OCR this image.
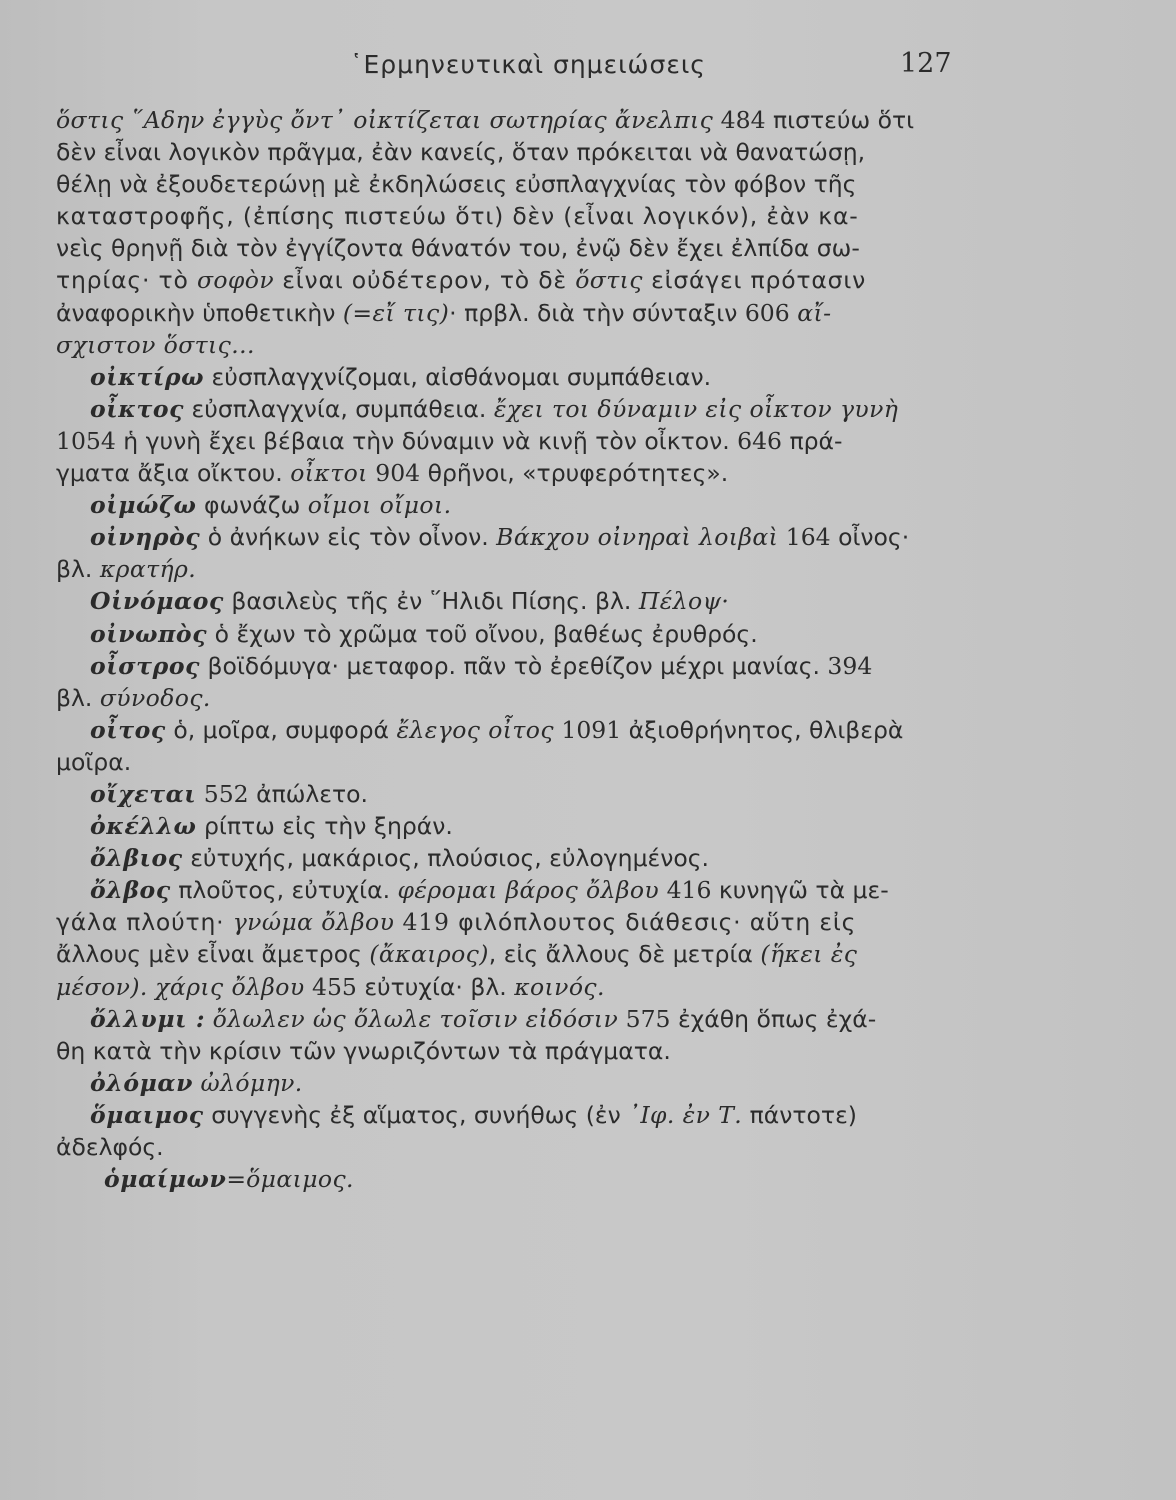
῾Ερμηνευτικαὶ σημειώσεις	127
ὅστις ῞Αδην ἐγγὺς ὄντ᾽ οἰκτίζεται σωτηρίας ἄνελπις 484 πιστεύω ὅτι
δὲν εἶναι λογικὸν πρᾶγμα, ἐὰν κανείς, ὅταν πρόκειται νὰ θανατώσῃ,
θέλῃ νὰ ἐξουδετερώνῃ μὲ ἐκδηλώσεις εὐσπλαγχνίας τὸν φόβον τῆς
καταστροφῆς, (ἐπίσης πιστεύω ὅτι) δὲν (εἶναι λογικόν), ἐὰν κα-
νεὶς θρηνῇ διὰ τὸν ἐγγίζοντα θάνατόν του, ἐνῷ δὲν ἔχει ἐλπίδα σω-
τηρίας· τὸ σοφὸν εἶναι οὐδέτερον, τὸ δὲ ὅστις εἰσάγει πρότασιν
ἀναφορικὴν ὑποθετικὴν (=εἴ τις)· πρβλ. διὰ τὴν σύνταξιν 606 αἴ-
σχιστον ὅστις...
οἰκτίρω εὐσπλαγχνίζομαι, αἰσθάνομαι συμπάθειαν.
οἶκτος εὐσπλαγχνία, συμπάθεια. ἔχει τοι δύναμιν εἰς οἶκτον γυνὴ
1054 ἡ γυνὴ ἔχει βέβαια τὴν δύναμιν νὰ κινῇ τὸν οἶκτον. 646 πρά-
γματα ἄξια οἴκτου. οἶκτοι 904 θρῆνοι, «τρυφερότητες».
οἰμώζω φωνάζω οἴμοι οἴμοι.
οἰνηρὸς ὁ ἀνήκων εἰς τὸν οἶνον. Βάκχου οἰνηραὶ λοιβαὶ 164 οἶνος·
βλ. κρατήρ.
Οἰνόμαος βασιλεὺς τῆς ἐν ῞Ηλιδι Πίσης. βλ. Πέλοψ·
οἰνωπὸς ὁ ἔχων τὸ χρῶμα τοῦ οἴνου, βαθέως ἐρυθρός.
οἶστρος βοϊδόμυγα· μεταφορ. πᾶν τὸ ἐρεθίζον μέχρι μανίας. 394
βλ. σύνοδος.
οἶτος ὁ, μοῖρα, συμφορά ἔλεγος οἶτος 1091 ἀξιοθρήνητος, θλιβερὰ
μοῖρα.
οἴχεται 552 ἀπώλετο.
ὀκέλλω ρίπτω εἰς τὴν ξηράν.
ὄλβιος εὐτυχής, μακάριος, πλούσιος, εὐλογημένος.
ὄλβος πλοῦτος, εὐτυχία. φέρομαι βάρος ὄλβου 416 κυνηγῶ τὰ με-
γάλα πλούτη· γνώμα ὄλβου 419 φιλόπλουτος διάθεσις· αὕτη εἰς
ἄλλους μὲν εἶναι ἄμετρος (ἄκαιρος), εἰς ἄλλους δὲ μετρία (ἥκει ἐς
μέσον). χάρις ὄλβου 455 εὐτυχία· βλ. κοινός.
ὄλλυμι : ὄλωλεν ὡς ὄλωλε τοῖσιν εἰδόσιν 575 ἐχάθη ὅπως ἐχά-
θη κατὰ τὴν κρίσιν τῶν γνωριζόντων τὰ πράγματα.
ὀλόμαν ὠλόμην.
ὅμαιμος συγγενὴς ἐξ αἵματος, συνήθως (ἐν ᾽Ιφ. ἐν Τ. πάντοτε)
ἀδελφός.
ὁμαίμων=ὅμαιμος.
